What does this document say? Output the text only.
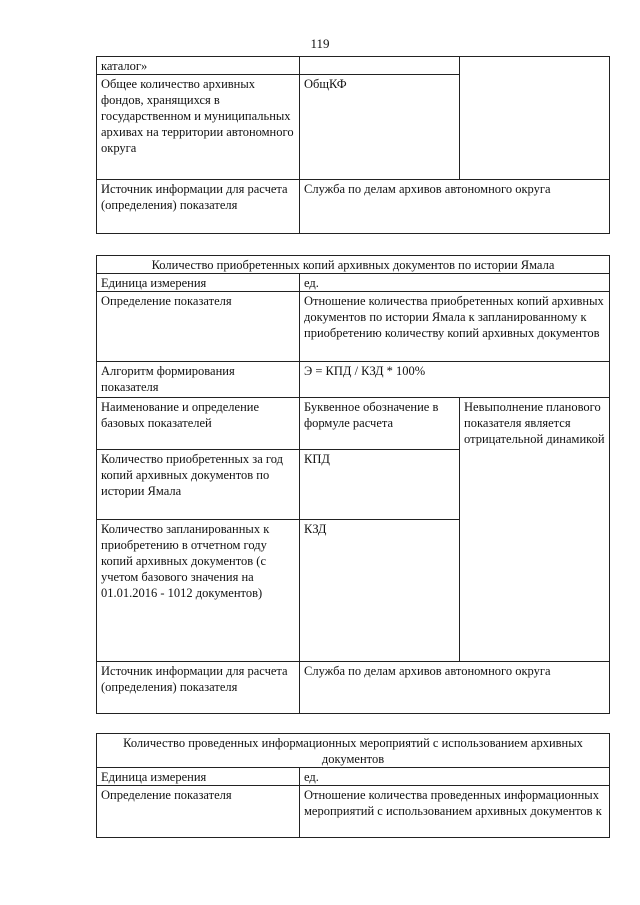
119
каталог»		
Общее количество архивных фондов, хранящихся в государственном и муниципальных архивах на территории автономного округа	ОбщКФ	
Источник информации для расчета (определения) показателя	Служба по делам архивов автономного округа	
Количество приобретенных копий архивных документов по истории Ямала		
Единица измерения	ед.	
Определение показателя	Отношение количества приобретенных копий архивных документов по истории Ямала к запланированному к приобретению количеству копий архивных документов	
Алгоритм формирования показателя	Э = КПД / КЗД * 100%	
Наименование и определение базовых показателей	Буквенное обозначение в формуле расчета	Невыполнение планового показателя является отрицательной динамикой
Количество приобретенных за год копий архивных документов по истории Ямала	КПД	
Количество запланированных к приобретению в отчетном году копий архивных документов (с учетом базового значения на 01.01.2016 - 1012 документов)	КЗД	
Источник информации для расчета (определения) показателя	Служба по делам архивов автономного округа	
Количество проведенных информационных мероприятий с использованием архивных документов	
Единица измерения	ед.
Определение показателя	Отношение количества проведенных информационных мероприятий с использованием архивных документов к
